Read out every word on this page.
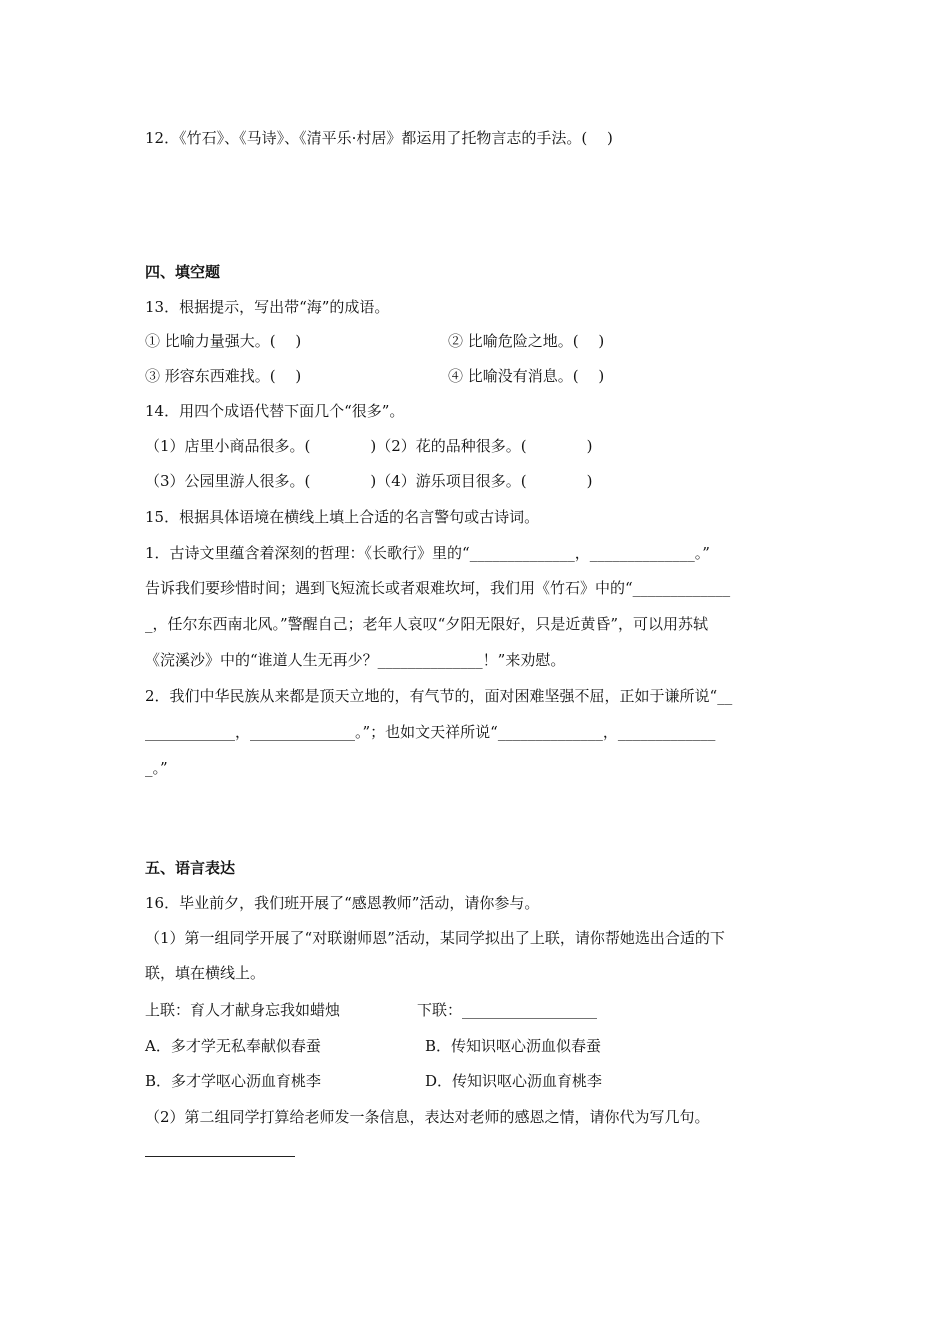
12．《竹石》、《马诗》、《清平乐·村居》都运用了托物言志的手法。(　 )
四、填空题
13．根据提示，写出带“海”的成语。
① 比喻力量强大。(　 )	② 比喻危险之地。(　 )
③ 形容东西难找。(　 )	④ 比喻没有消息。(　 )
14．用四个成语代替下面几个“很多”。
（1）店里小商品很多。(　　　　)（2）花的品种很多。(　　　　)
（3）公园里游人很多。(　　　　)（4）游乐项目很多。(　　　　)
15．根据具体语境在横线上填上合适的名言警句或古诗词。
1．古诗文里蕴含着深刻的哲理：《长歌行》里的“______________，______________。”
告诉我们要珍惜时间；遇到飞短流长或者艰难坎坷，我们用《竹石》中的“_____________
_，任尔东西南北风。”警醒自己；老年人哀叹“夕阳无限好，只是近黄昏”，可以用苏轼
《浣溪沙》中的“谁道人生无再少？______________！”来劝慰。
2．我们中华民族从来都是顶天立地的，有气节的，面对困难坚强不屈，正如于谦所说“__
____________，______________。”；也如文天祥所说“______________，_____________
_。”
五、语言表达
16．毕业前夕，我们班开展了“感恩教师”活动，请你参与。
（1）第一组同学开展了“对联谢师恩”活动，某同学拟出了上联，请你帮她选出合适的下
联，填在横线上。
上联：育人才献身忘我如蜡烛	下联：__________________
A．多才学无私奉献似春蚕	B．传知识呕心沥血似春蚕
B．多才学呕心沥血育桃李	D．传知识呕心沥血育桃李
（2）第二组同学打算给老师发一条信息，表达对老师的感恩之情，请你代为写几句。
